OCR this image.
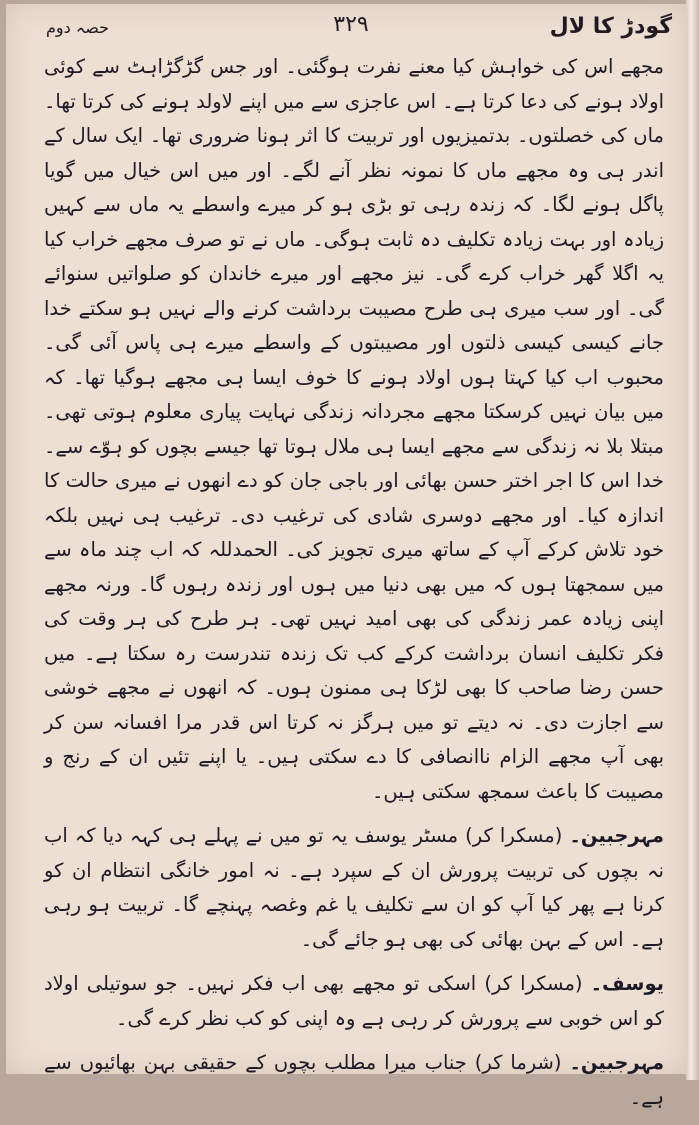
حصہ دوم	۳۲۹	گودڑ کا لال

مجھے اس کی خواہش کیا معنے نفرت ہوگئی۔ اور جس گڑگڑاہٹ سے کوئی اولاد ہونے کی دعا کرتا ہے۔ اس عاجزی سے میں اپنے لاولد ہونے کی کرتا تھا۔ ماں کی خصلتوں۔ بدتمیزیوں اور تربیت کا اثر ہونا ضروری تھا۔ ایک سال کے اندر ہی وہ مجھے ماں کا نمونہ نظر آنے لگے۔ اور میں اس خیال میں گویا پاگل ہونے لگا۔ کہ زندہ رہی تو بڑی ہو کر میرے واسطے یہ ماں سے کہیں زیادہ اور بہت زیادہ تکلیف دہ ثابت ہوگی۔ ماں نے تو صرف مجھے خراب کیا یہ اگلا گھر خراب کرے گی۔ نیز مجھے اور میرے خاندان کو صلواتیں سنوائے گی۔ اور سب میری ہی طرح مصیبت برداشت کرنے والے نہیں ہو سکتے خدا جانے کیسی کیسی ذلتوں اور مصیبتوں کے واسطے میرے ہی پاس آئی گی۔ محبوب اب کیا کہتا ہوں اولاد ہونے کا خوف ایسا ہی مجھے ہوگیا تھا۔ کہ میں بیان نہیں کرسکتا مجھے مجردانہ زندگی نہایت پیاری معلوم ہوتی تھی۔ مبتلا بلا نہ زندگی سے مجھے ایسا ہی ملال ہوتا تھا جیسے بچوں کو ہوّے سے۔ خدا اس کا اجر اختر حسن بھائی اور باجی جان کو دے انھوں نے میری حالت کا اندازہ کیا۔ اور مجھے دوسری شادی کی ترغیب دی۔ ترغیب ہی نہیں بلکہ خود تلاش کرکے آپ کے ساتھ میری تجویز کی۔ الحمدللہ کہ اب چند ماہ سے میں سمجھتا ہوں کہ میں بھی دنیا میں ہوں اور زندہ رہوں گا۔ ورنہ مجھے اپنی زیادہ عمر زندگی کی بھی امید نہیں تھی۔ ہر طرح کی ہر وقت کی فکر تکلیف انسان برداشت کرکے کب تک زندہ تندرست رہ سکتا ہے۔ میں حسن رضا صاحب کا بھی لڑکا ہی ممنون ہوں۔ کہ انھوں نے مجھے خوشی سے اجازت دی۔ نہ دیتے تو میں ہرگز نہ کرتا اس قدر مرا افسانہ سن کر بھی آپ مجھے الزام ناانصافی کا دے سکتی ہیں۔ یا اپنے تئیں ان کے رنج و مصیبت کا باعث سمجھ سکتی ہیں۔

مہرجبین۔ (مسکرا کر) مسٹر یوسف یہ تو میں نے پہلے ہی کہہ دیا کہ اب نہ بچوں کی تربیت پرورش ان کے سپرد ہے۔ نہ امور خانگی انتظام ان کو کرنا ہے پھر کیا آپ کو ان سے تکلیف یا غم وغصہ پہنچے گا۔ تربیت ہو رہی ہے۔ اس کے بہن بھائی کی بھی ہو جائے گی۔

یوسف۔ (مسکرا کر) اسکی تو مجھے بھی اب فکر نہیں۔ جو سوتیلی اولاد کو اس خوبی سے پرورش کر رہی ہے وہ اپنی کو کب نظر کرے گی۔

مہرجبین۔ (شرما کر) جناب میرا مطلب بچوں کے حقیقی بہن بھائیوں سے ہے۔
